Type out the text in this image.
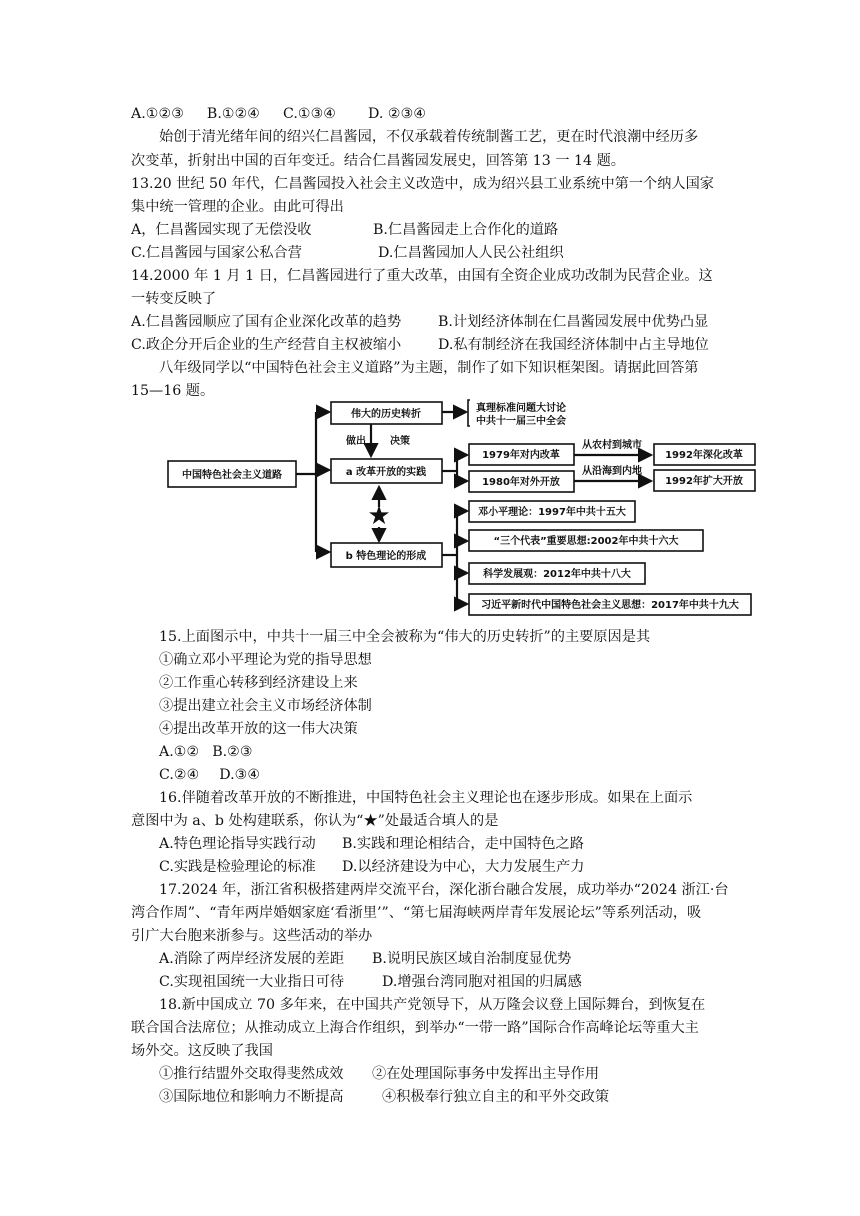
A.①②③ B.①②④ C.①③④ D. ②③④
始创于清光绪年间的绍兴仁昌酱园，不仅承载着传统制酱工艺，更在时代浪潮中经历多
次变革，折射出中国的百年变迁。结合仁昌酱园发展史，回答第 13 一 14 题。
13.20 世纪 50 年代，仁昌酱园投入社会主义改造中，成为绍兴县工业系统中第一个纳人国家
集中统一管理的企业。由此可得出
A，仁昌酱园实现了无偿没收	B.仁昌酱园走上合作化的道路
C.仁昌酱园与国家公私合营	D.仁昌酱园加人人民公社组织
14.2000 年 1 月 1 日，仁昌酱园进行了重大改革，由国有全资企业成功改制为民营企业。这
一转变反映了
A.仁昌酱园顺应了国有企业深化改革的趋势	B.计划经济体制在仁昌酱园发展中优势凸显
C.政企分开后企业的生产经营自主权被缩小	D.私有制经济在我国经济体制中占主导地位
八年级同学以“中国特色社会主义道路”为主题，制作了如下知识框架图。请据此回答第
15—16 题。
中国特色社会主义道路
伟大的历史转折
真理标准问题大讨论
中共十一届三中全会
做出 决策
a 改革开放的实践
1979年对内改革
1980年对外开放
从农村到城市
从沿海到内地
1992年深化改革
1992年扩大开放
★
b 特色理论的形成
邓小平理论：1997年中共十五大
“三个代表”重要思想:2002年中共十六大
科学发展观：2012年中共十八大
习近平新时代中国特色社会主义思想：2017年中共十九大
15.上面图示中，中共十一届三中全会被称为“伟大的历史转折”的主要原因是其
①确立邓小平理论为党的指导思想
②工作重心转移到经济建设上来
③提出建立社会主义市场经济体制
④提出改革开放的这一伟大决策
A.①② B.②③
C.②④ D.③④
16.伴随着改革开放的不断推进，中国特色社会主义理论也在逐步形成。如果在上面示
意图中为 a、b 处构建联系，你认为“★”处最适合填人的是
A.特色理论指导实践行动 B.实践和理论相结合，走中国特色之路
C.实践是检验理论的标准 D.以经济建设为中心，大力发展生产力
17.2024 年，浙江省积极搭建两岸交流平台，深化浙台融合发展，成功举办“2024 浙江·台
湾合作周”、“青年两岸婚姻家庭‘看浙里’”、“第七届海峡两岸青年发展论坛”等系列活动，吸
引广大台胞来浙参与。这些活动的举办
A.消除了两岸经济发展的差距 B.说明民族区域自治制度显优势
C.实现祖国统一大业指日可待	D.增强台湾同胞对祖国的归属感
18.新中国成立 70 多年来，在中国共产党领导下，从万隆会议登上国际舞台，到恢复在
联合国合法席位；从推动成立上海合作组织，到举办“一带一路”国际合作高峰论坛等重大主
场外交。这反映了我国
①推行结盟外交取得斐然成效 ②在处理国际事务中发挥出主导作用
③国际地位和影响力不断提高	④积极奉行独立自主的和平外交政策
